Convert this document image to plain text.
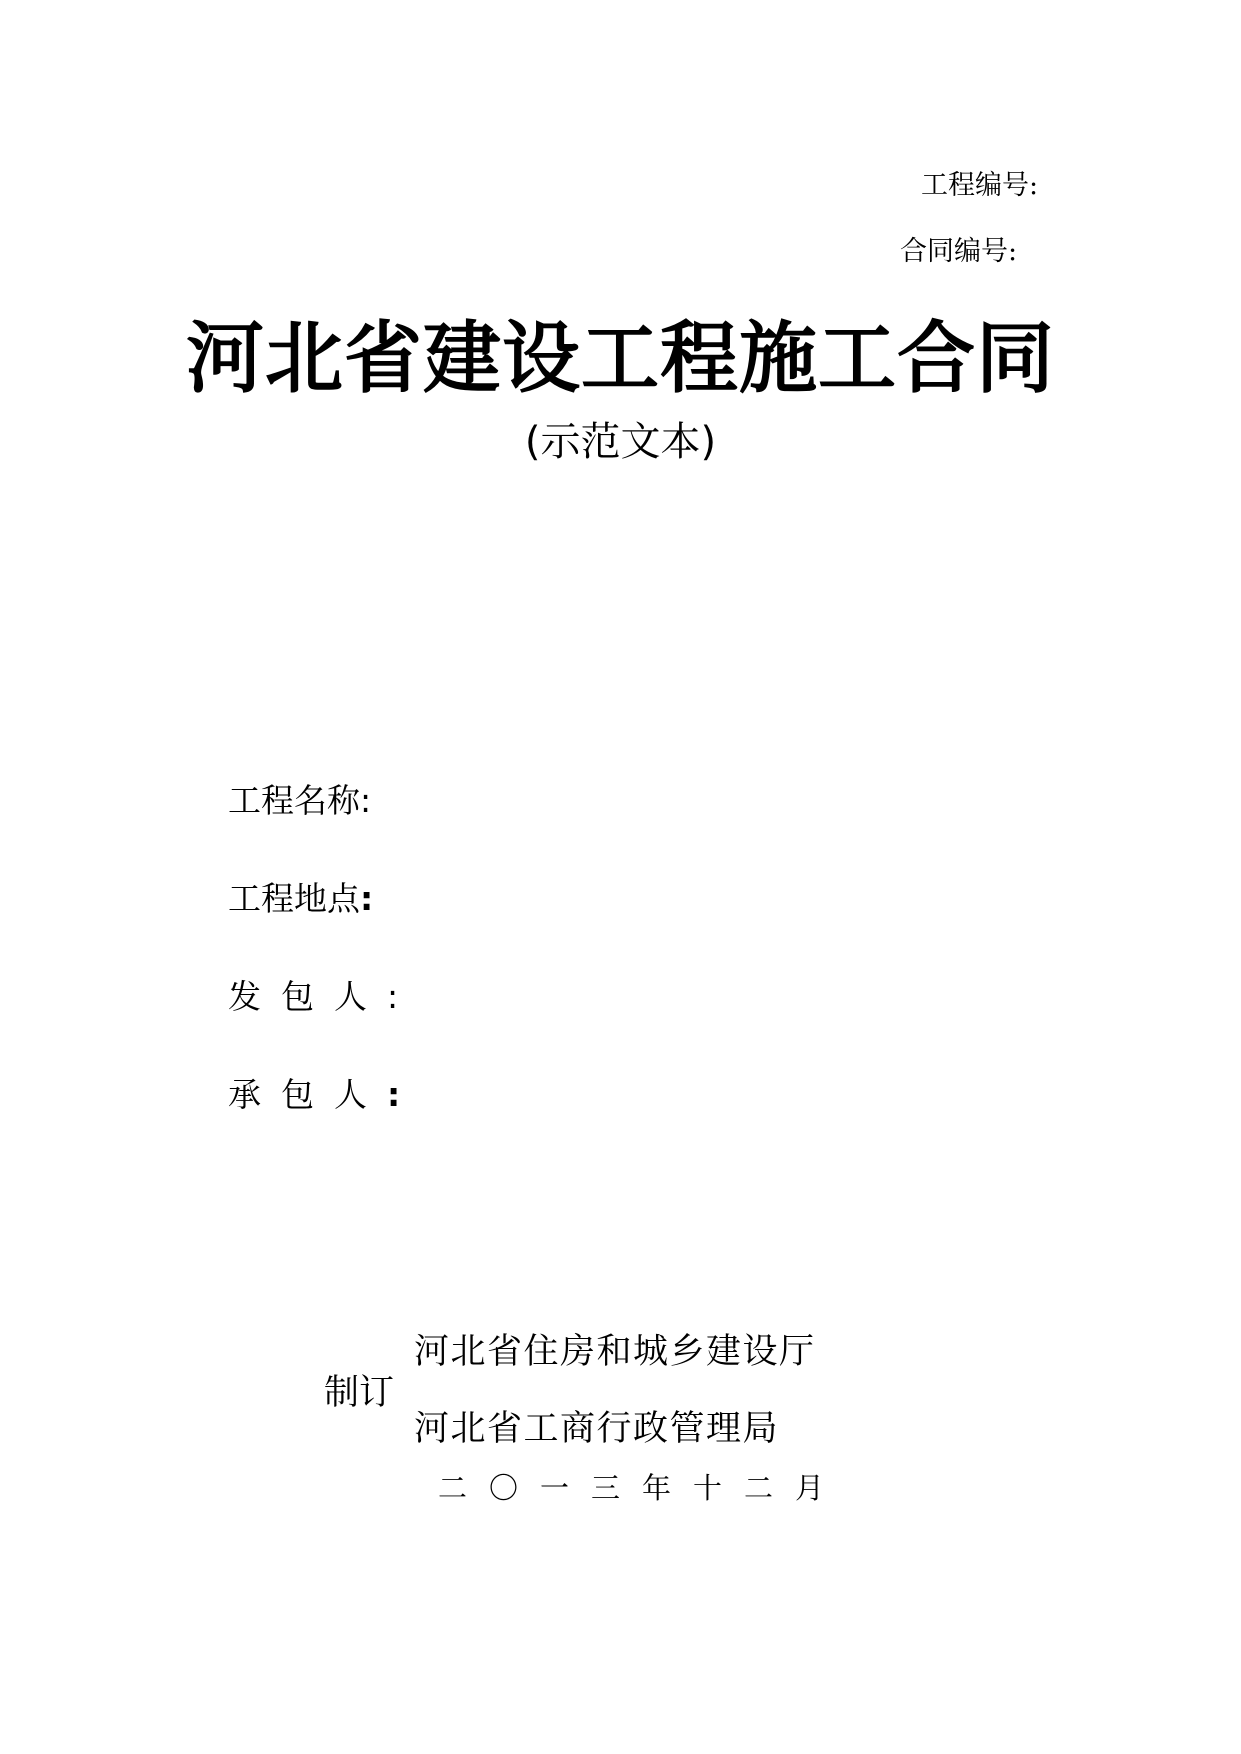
工程编号:
合同编号:
河北省建设工程施工合同
(示范文本)
工程名称:
工程地点:
发包人:
承包人:
制订
河北省住房和城乡建设厅
河北省工商行政管理局
二〇一三年十二月
